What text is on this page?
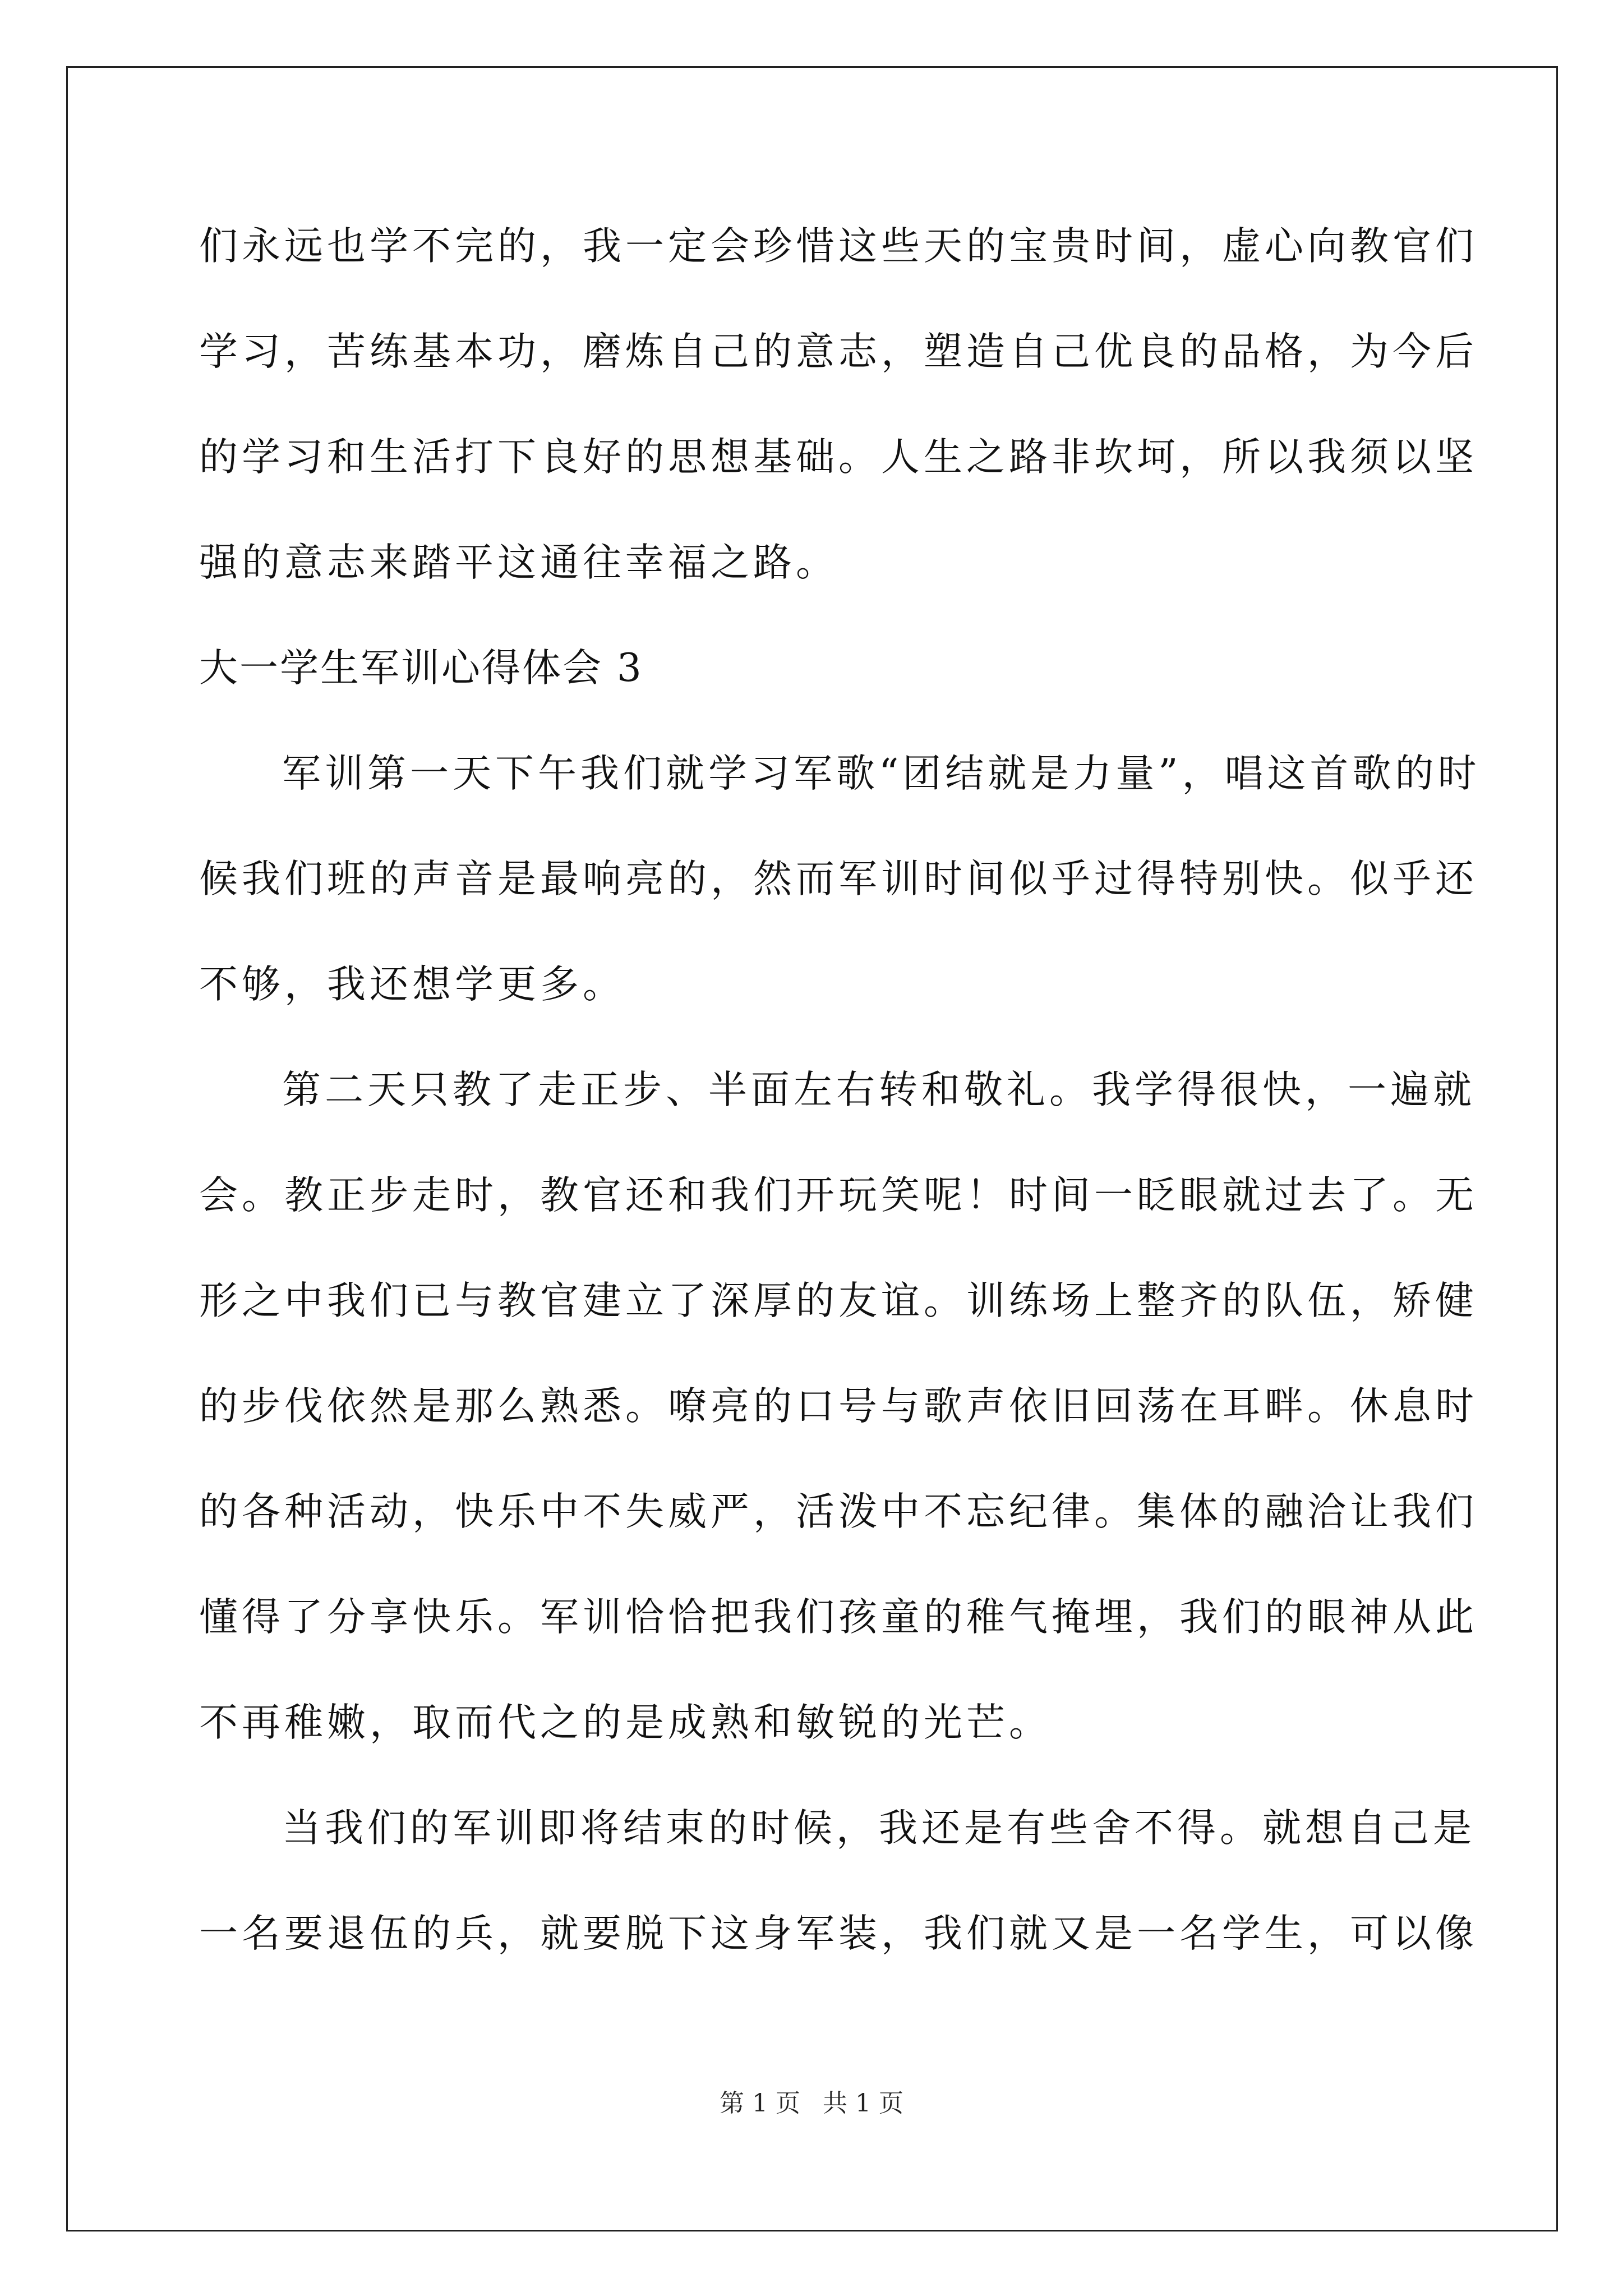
们永远也学不完的，我一定会珍惜这些天的宝贵时间，虚心向教官们
学习，苦练基本功，磨炼自己的意志，塑造自己优良的品格，为今后
的学习和生活打下良好的思想基础。人生之路非坎坷，所以我须以坚
强的意志来踏平这通往幸福之路。
大一学生军训心得体会 3
军训第一天下午我们就学习军歌“团结就是力量”，唱这首歌的时
候我们班的声音是最响亮的，然而军训时间似乎过得特别快。似乎还
不够，我还想学更多。
第二天只教了走正步、半面左右转和敬礼。我学得很快，一遍就
会。教正步走时，教官还和我们开玩笑呢！时间一眨眼就过去了。无
形之中我们已与教官建立了深厚的友谊。训练场上整齐的队伍，矫健
的步伐依然是那么熟悉。嘹亮的口号与歌声依旧回荡在耳畔。休息时
的各种活动，快乐中不失威严，活泼中不忘纪律。集体的融洽让我们
懂得了分享快乐。军训恰恰把我们孩童的稚气掩埋，我们的眼神从此
不再稚嫩，取而代之的是成熟和敏锐的光芒。
当我们的军训即将结束的时候，我还是有些舍不得。就想自己是
一名要退伍的兵，就要脱下这身军装，我们就又是一名学生，可以像
第 1 页 共 1 页
